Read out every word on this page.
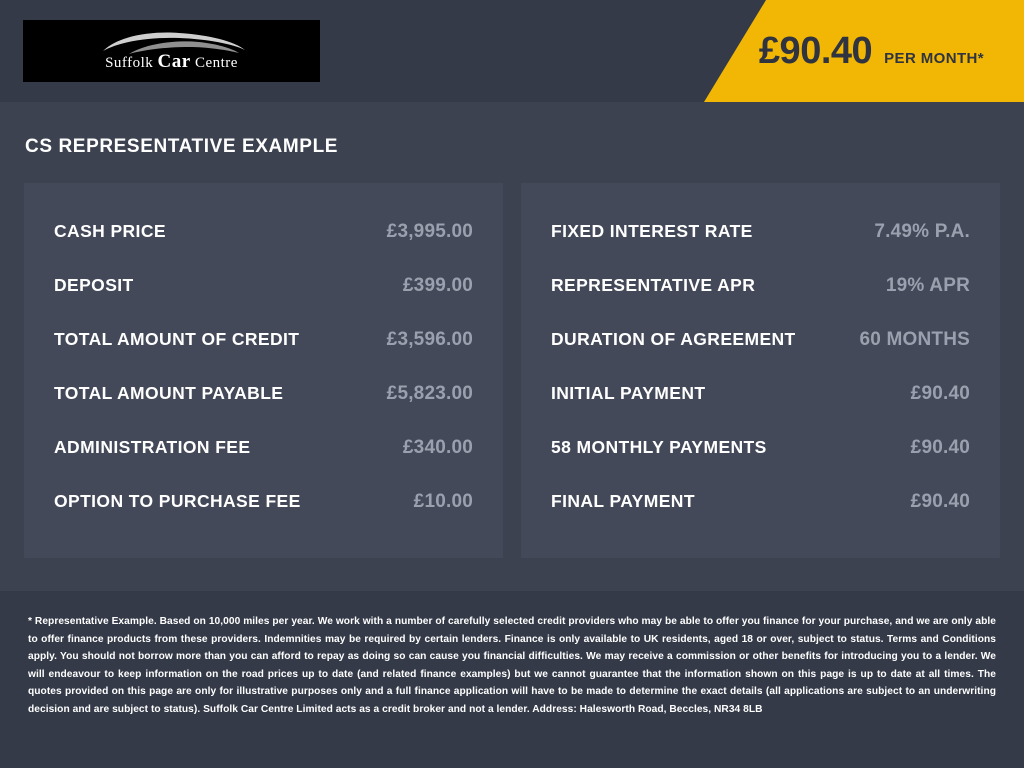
Suffolk Car Centre	£90.40 PER MONTH*
CS REPRESENTATIVE EXAMPLE
CASH PRICE	£3,995.00
DEPOSIT	£399.00
TOTAL AMOUNT OF CREDIT	£3,596.00
TOTAL AMOUNT PAYABLE	£5,823.00
ADMINISTRATION FEE	£340.00
OPTION TO PURCHASE FEE	£10.00
FIXED INTEREST RATE	7.49% P.A.
REPRESENTATIVE APR	19% APR
DURATION OF AGREEMENT	60 MONTHS
INITIAL PAYMENT	£90.40
58 MONTHLY PAYMENTS	£90.40
FINAL PAYMENT	£90.40

* Representative Example. Based on 10,000 miles per year. We work with a number of carefully selected credit providers who may be able to offer you finance for your purchase, and we are only able to offer finance products from these providers. Indemnities may be required by certain lenders. Finance is only available to UK residents, aged 18 or over, subject to status. Terms and Conditions apply. You should not borrow more than you can afford to repay as doing so can cause you financial difficulties. We may receive a commission or other benefits for introducing you to a lender. We will endeavour to keep information on the road prices up to date (and related finance examples) but we cannot guarantee that the information shown on this page is up to date at all times. The quotes provided on this page are only for illustrative purposes only and a full finance application will have to be made to determine the exact details (all applications are subject to an underwriting decision and are subject to status). Suffolk Car Centre Limited acts as a credit broker and not a lender. Address: Halesworth Road, Beccles, NR34 8LB
